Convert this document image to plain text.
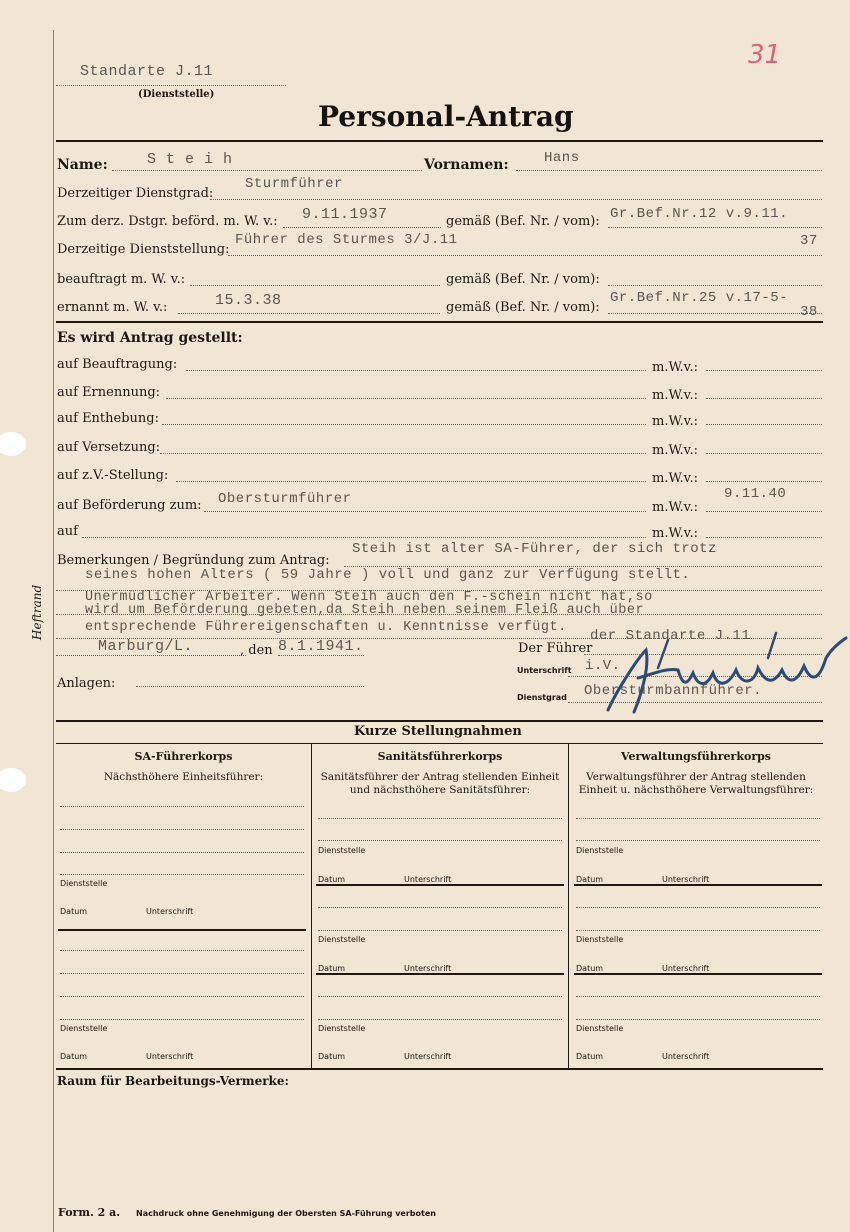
Heftrand
Standarte J.11
(Dienststelle)
31
Personal-Antrag
Name:	S t e i h	Vornamen:	Hans
Derzeitiger Dienstgrad:
Sturmführer
Zum derz. Dstgr. beförd. m. W. v.: 9.11.1937	gemäß (Bef. Nr. / vom): Gr.Bef.Nr.12 v.9.11.
Derzeitige Dienststellung:
Führer des Sturmes 3/J.11	37
beauftragt m. W. v.:	gemäß (Bef. Nr. / vom):
ernannt m. W. v.:	15.3.38	gemäß (Bef. Nr. / vom):
Gr.Bef.Nr.25 v.17-5-
38
Es wird Antrag gestellt:
auf Beauftragung:	m.W.v.:
auf Ernennung:	m.W.v.:
auf Enthebung:	m.W.v.:
auf Versetzung:	m.W.v.:
auf z.V.-Stellung:	m.W.v.:
auf Beförderung zum: Obersturmführer
m.W.v.:
9.11.40
auf	m.W.v.:
Bemerkungen / Begründung zum Antrag:
Steih ist alter SA-Führer, der sich trotz
seines hohen Alters ( 59 Jahre ) voll und ganz zur Verfügung stellt.
Unermüdlicher Arbeiter. Wenn Steih auch den F.-schein nicht hat,so
wird um Beförderung gebeten,da Steih neben seinem Fleiß auch über
entsprechende Führereigenschaften u. Kenntnisse verfügt.
Marburg/L.	, den 8.1.1941.	Der Führer
der Standarte J.11
Unterschrift i.V.
Anlagen:
Dienstgrad Obersturmbannführer.
Kurze Stellungnahmen
SA-Führerkorps
Nächsthöhere Einheitsführer:
Dienststelle
Datum	Unterschrift
Dienststelle
Datum	Unterschrift
Sanitätsführerkorps
Sanitätsführer der Antrag stellenden Einheit und nächsthöhere Sanitätsführer:
Dienststelle
Datum	Unterschrift
Dienststelle
Datum	Unterschrift
Dienststelle
Datum	Unterschrift
Verwaltungsführerkorps
Verwaltungsführer der Antrag stellenden Einheit u. nächsthöhere Verwaltungsführer:
Dienststelle
Datum	Unterschrift
Dienststelle
Datum	Unterschrift
Dienststelle
Datum	Unterschrift
Raum für Bearbeitungs-Vermerke:
Form. 2 a. Nachdruck ohne Genehmigung der Obersten SA-Führung verboten
